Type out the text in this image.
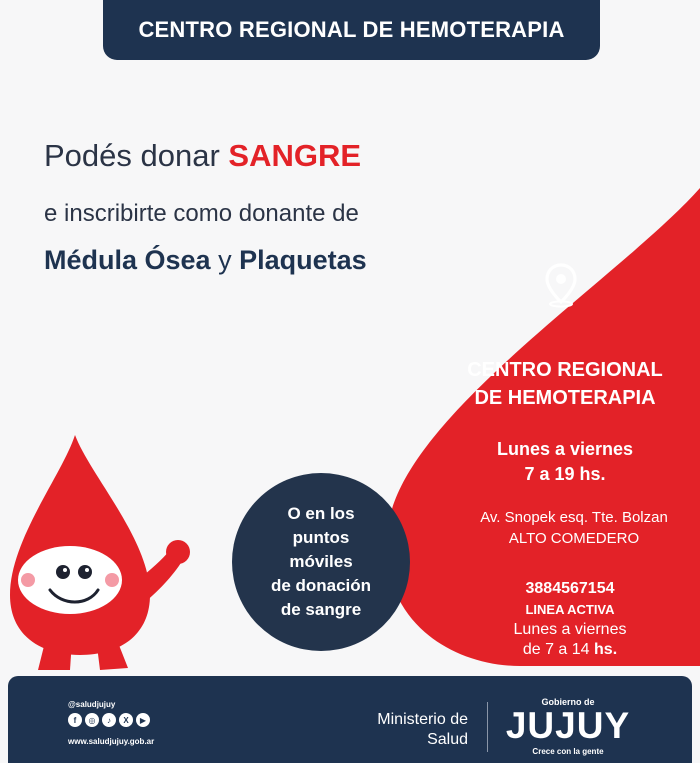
CENTRO REGIONAL DE HEMOTERAPIA
Podés donar SANGRE
e inscribirte como donante de
Médula Ósea y Plaquetas
CENTRO REGIONAL
DE HEMOTERAPIA
Lunes a viernes
7 a 19 hs.
Av. Snopek esq. Tte. Bolzan
ALTO COMEDERO
3884567154
LINEA ACTIVA
Lunes a viernes
de 7 a 14 hs.
O en los
puntos
móviles
de donación
de sangre
@saludjujuy
f	◎	♪	X	▶
www.saludjujuy.gob.ar
Ministerio de
Salud
Gobierno de
JUJUY
Crece con la gente
